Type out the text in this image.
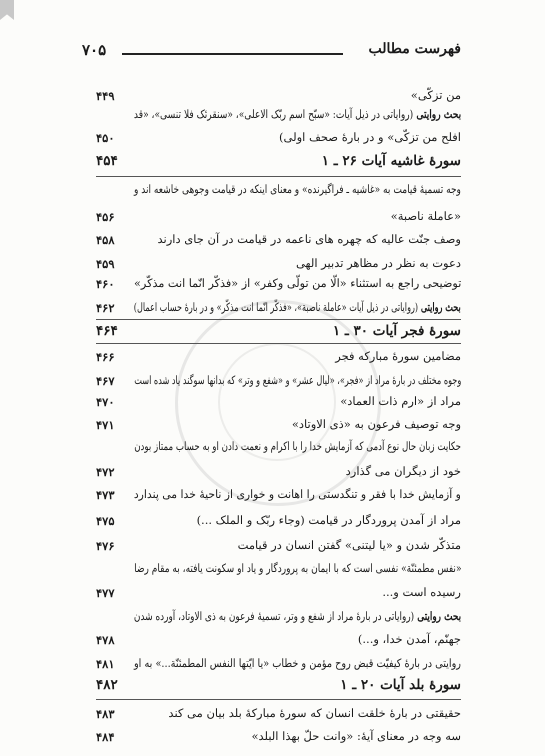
۷۰۵	فهرست مطالب
من تزکّی»
۴۴۹
بحث روایتی (روایاتی در ذیل آیات: «سبّح اسم ربّک الاعلی»، «سنقرئک فلا تنسی»، «قد
افلح من تزکّی» و در بارهٔ صحف اولی)
۴۵۰
سورهٔ غاشیه آیات ۲۶ ـ ۱
۴۵۴
وجه تسمیهٔ قیامت به «غاشیه ـ فراگیرنده» و معنای اینکه در قیامت وجوهی خاشعه اند و
«عاملة ناصبة»
۴۵۶
وصف جنّت عالیه که چهره های ناعمه در قیامت در آن جای دارند
۴۵۸
دعوت به نظر در مظاهر تدبیر الهی
۴۵۹
توضیحی راجع به استثناء «الّا من تولّی وکفر» از «فذکّر انّما انت مذکّر»
۴۶۰
بحث روایتی (روایاتی در ذیل آیات «عاملة ناصبة»، «فذکّر انّما انت مذکّر» و در بارهٔ حساب اعمال)
۴۶۲
سورهٔ فجر آیات ۳۰ ـ ۱
۴۶۴
مضامین سورهٔ مبارکه فجر
۴۶۶
وجوه مختلف در بارهٔ مراد از «فجر»، «لیال عشر» و «شفع و وتر» که بدانها سوگند یاد شده است
۴۶۷
مراد از «ارم ذات العماد»
۴۷۰
وجه توصیف فرعون به «ذی الاوتاد»
۴۷۱
حکایت زبان حال نوع آدمی که آزمایش خدا را با اکرام و نعمت دادن او به حساب ممتاز بودن
خود از دیگران می گذارد
۴۷۲
و آزمایش خدا با فقر و تنگدستی را اهانت و خواری از ناحیهٔ خدا می پندارد
۴۷۳
مراد از آمدن پروردگار در قیامت (وجاء ربّک و الملک ...)
۴۷۵
متذکّر شدن و «یا لیتنی» گفتن انسان در قیامت
۴۷۶
«نفس مطمئنّة» نفسی است که با ایمان به پروردگار و یاد او سکونت یافته، به مقام رضا
رسیده است و...
۴۷۷
بحث روایتی (روایاتی در بارهٔ مراد از شفع و وتر، تسمیهٔ فرعون به ذی الاوتاد، آورده شدن
جهنّم، آمدن خدا، و...)
۴۷۸
روایتی در بارهٔ کیفیّت قبض روح مؤمن و خطاب «یا ایّتها النفس المطمئنّة...» به او
۴۸۱
سورهٔ بلد آیات ۲۰ ـ ۱
۴۸۲
حقیقتی در بارهٔ خلقت انسان که سورهٔ مبارکهٔ بلد بیان می کند
۴۸۳
سه وجه در معنای آیهٔ: «وانت حلّ بهذا البلد»
۴۸۴
